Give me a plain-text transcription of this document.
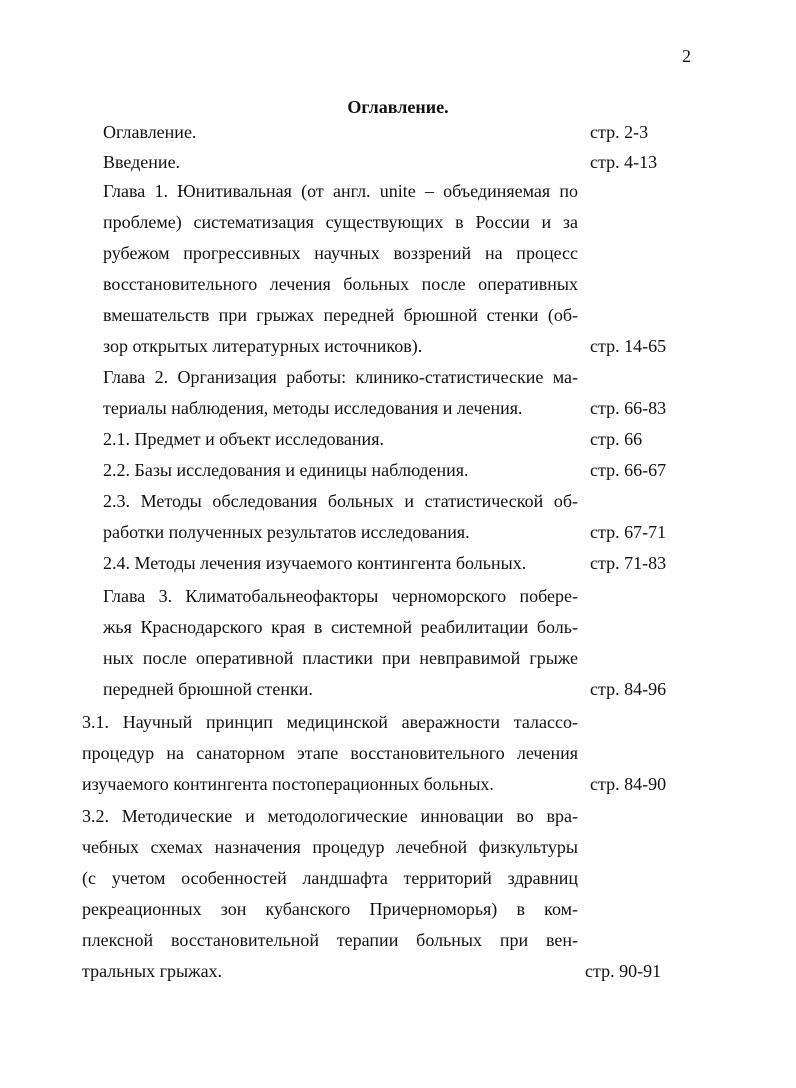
2
Оглавление.
Оглавление.	стр. 2-3
Введение.	стр. 4-13
Глава 1. Юнитивальная (от англ. unite – объединяемая по
проблеме) систематизация существующих в России и за
рубежом прогрессивных научных воззрений на процесс
восстановительного лечения больных после оперативных
вмешательств при грыжах передней брюшной стенки (об-
зор открытых литературных источников).	стр. 14-65
Глава 2. Организация работы: клинико-статистические ма-
териалы наблюдения, методы исследования и лечения.	стр. 66-83
2.1. Предмет и объект исследования.	стр. 66
2.2. Базы исследования и единицы наблюдения.	стр. 66-67
2.3. Методы обследования больных и статистической об-
работки полученных результатов исследования.	стр. 67-71
2.4. Методы лечения изучаемого контингента больных.	стр. 71-83
Глава 3. Климатобальнеофакторы черноморского побере-
жья Краснодарского края в системной реабилитации боль-
ных после оперативной пластики при невправимой грыже
передней брюшной стенки.	стр. 84-96
3.1. Научный принцип медицинской аверажности талассо-
процедур на санаторном этапе восстановительного лечения
изучаемого контингента постоперационных больных.	стр. 84-90
3.2. Методические и методологические инновации во вра-
чебных схемах назначения процедур лечебной физкультуры
(с учетом особенностей ландшафта территорий здравниц
рекреационных зон кубанского Причерноморья) в ком-
плексной восстановительной терапии больных при вен-
тральных грыжах.	стр. 90-91
